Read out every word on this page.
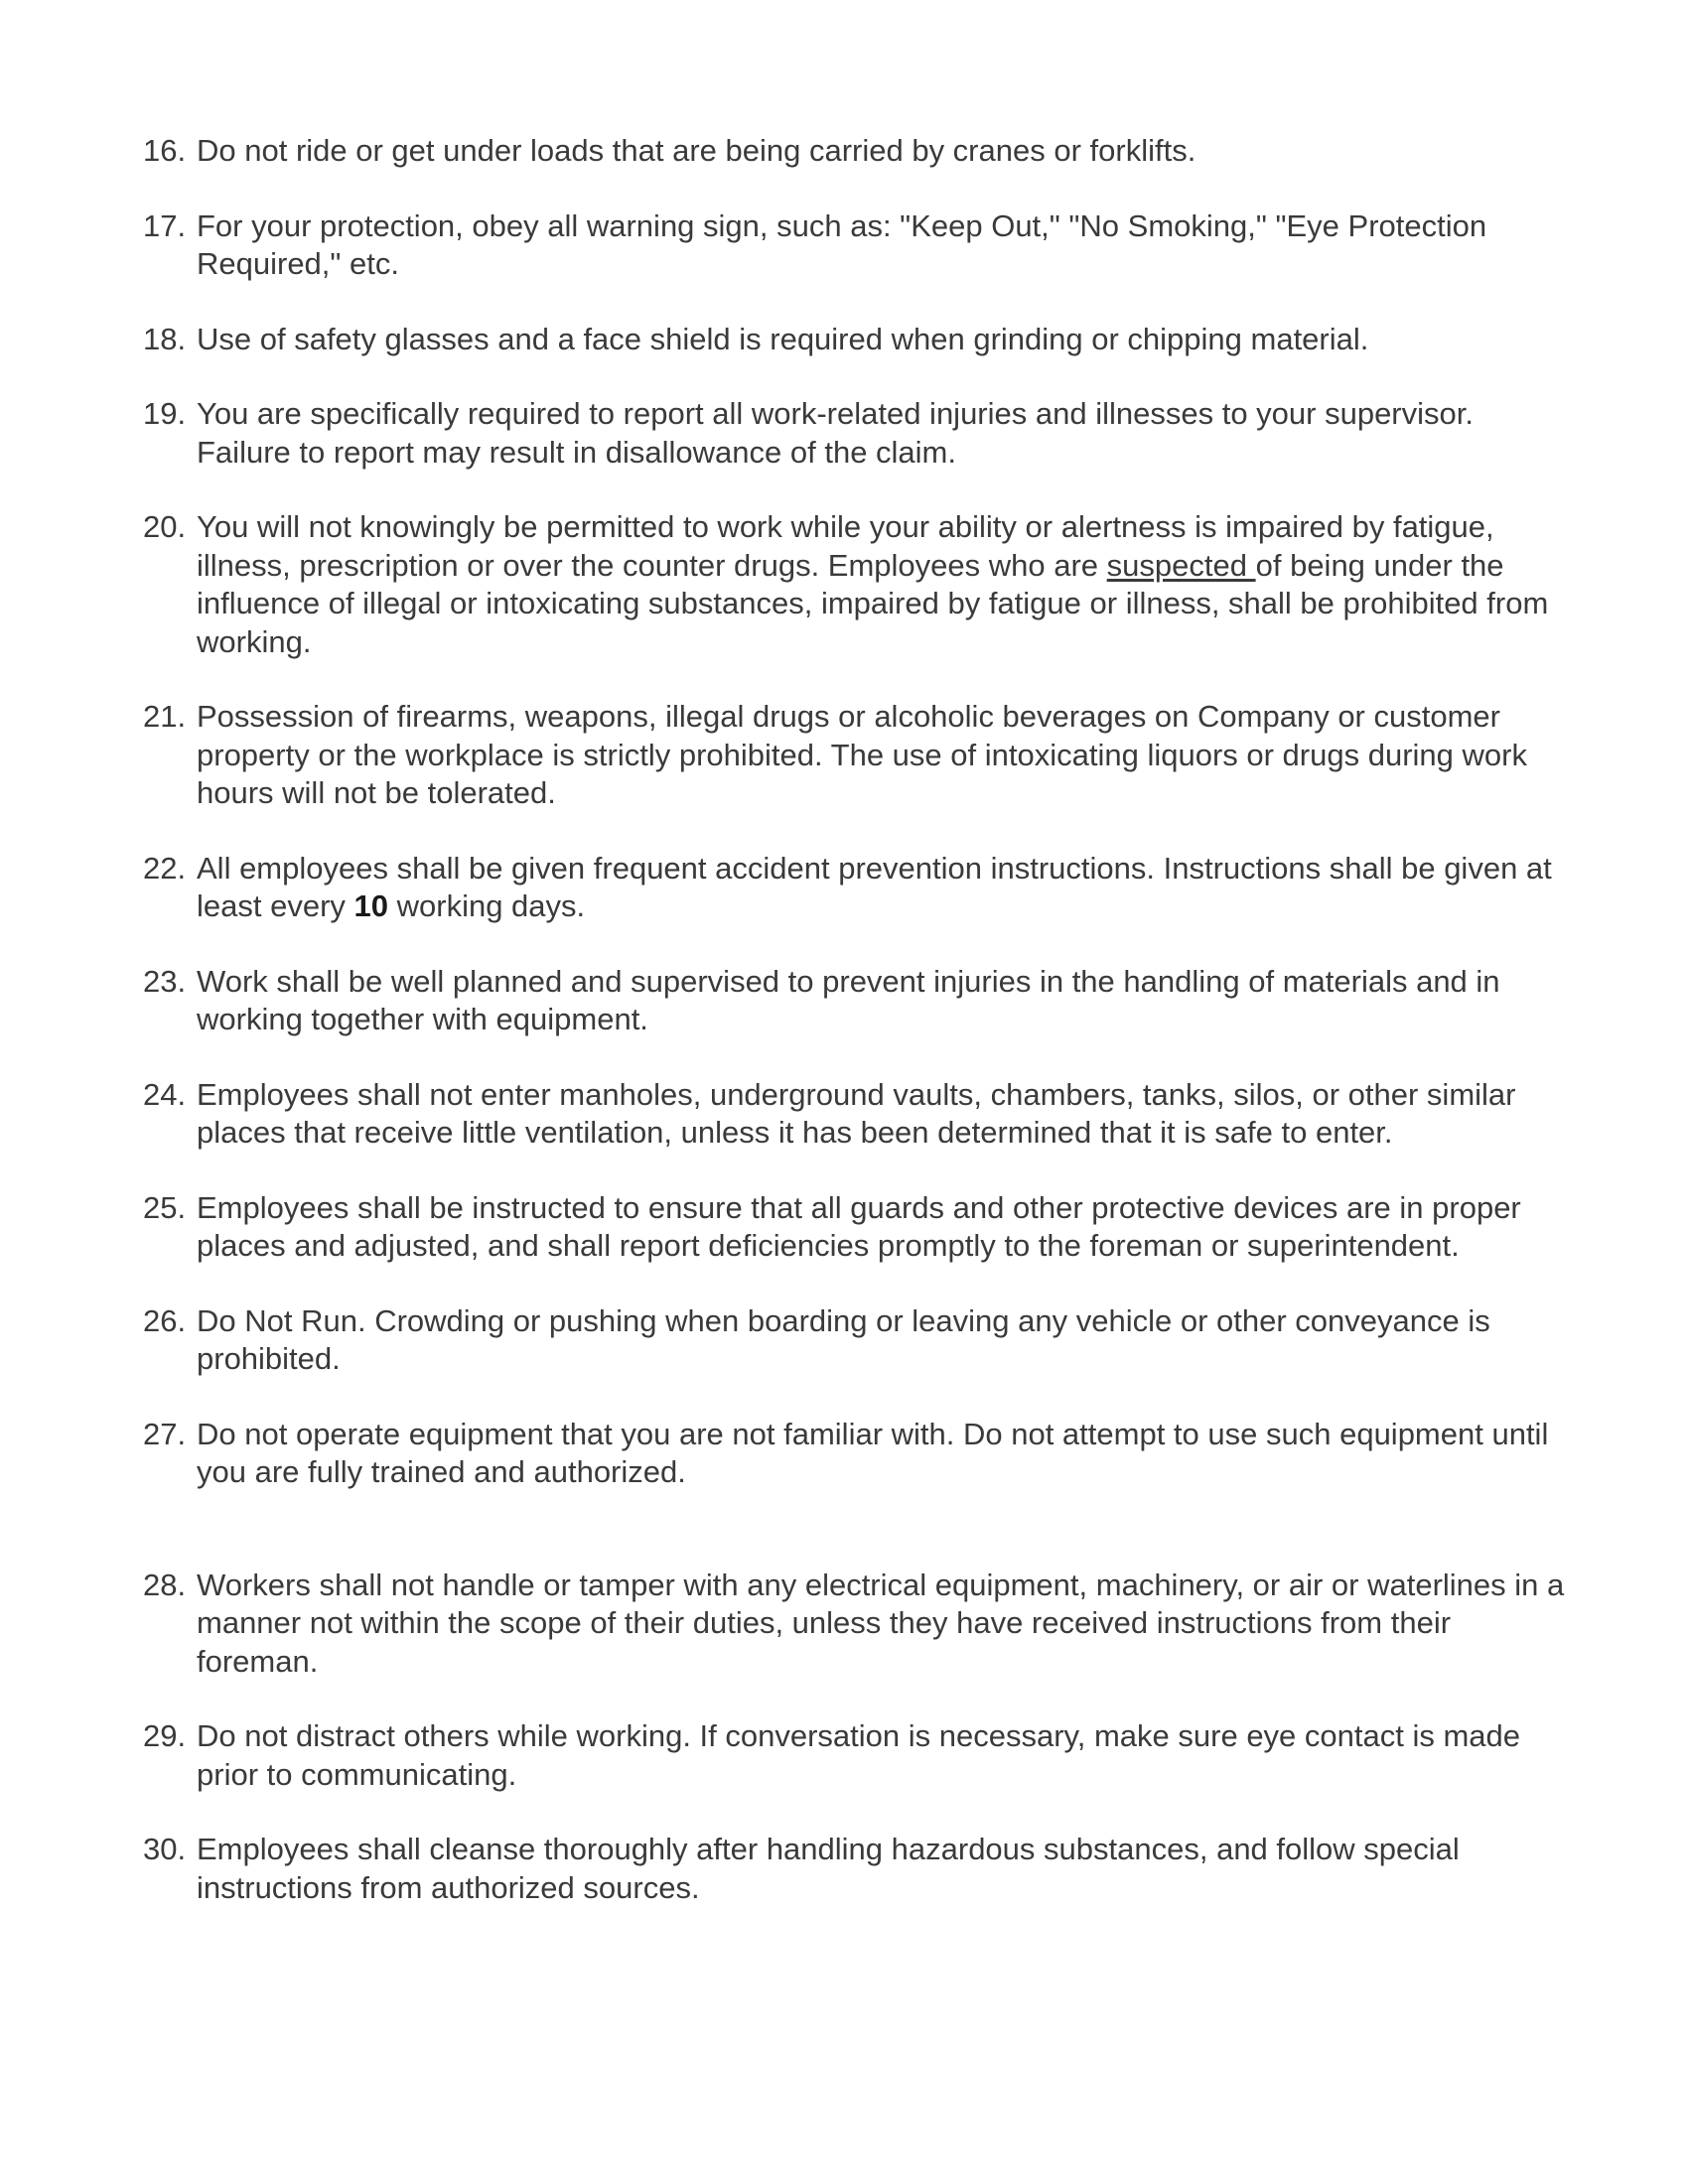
16. Do not ride or get under loads that are being carried by cranes or forklifts.
17. For your protection, obey all warning sign, such as: "Keep Out," "No Smoking," "Eye Protection Required," etc.
18. Use of safety glasses and a face shield is required when grinding or chipping material.
19. You are specifically required to report all work-related injuries and illnesses to your supervisor. Failure to report may result in disallowance of the claim.
20. You will not knowingly be permitted to work while your ability or alertness is impaired by fatigue, illness, prescription or over the counter drugs. Employees who are suspected of being under the influence of illegal or intoxicating substances, impaired by fatigue or illness, shall be prohibited from working.
21. Possession of firearms, weapons, illegal drugs or alcoholic beverages on Company or customer property or the workplace is strictly prohibited. The use of intoxicating liquors or drugs during work hours will not be tolerated.
22. All employees shall be given frequent accident prevention instructions. Instructions shall be given at least every 10 working days.
23. Work shall be well planned and supervised to prevent injuries in the handling of materials and in working together with equipment.
24. Employees shall not enter manholes, underground vaults, chambers, tanks, silos, or other similar places that receive little ventilation, unless it has been determined that it is safe to enter.
25. Employees shall be instructed to ensure that all guards and other protective devices are in proper places and adjusted, and shall report deficiencies promptly to the foreman or superintendent.
26. Do Not Run. Crowding or pushing when boarding or leaving any vehicle or other conveyance is prohibited.
27. Do not operate equipment that you are not familiar with. Do not attempt to use such equipment until you are fully trained and authorized.
28. Workers shall not handle or tamper with any electrical equipment, machinery, or air or waterlines in a manner not within the scope of their duties, unless they have received instructions from their foreman.
29. Do not distract others while working. If conversation is necessary, make sure eye contact is made prior to communicating.
30. Employees shall cleanse thoroughly after handling hazardous substances, and follow special instructions from authorized sources.
